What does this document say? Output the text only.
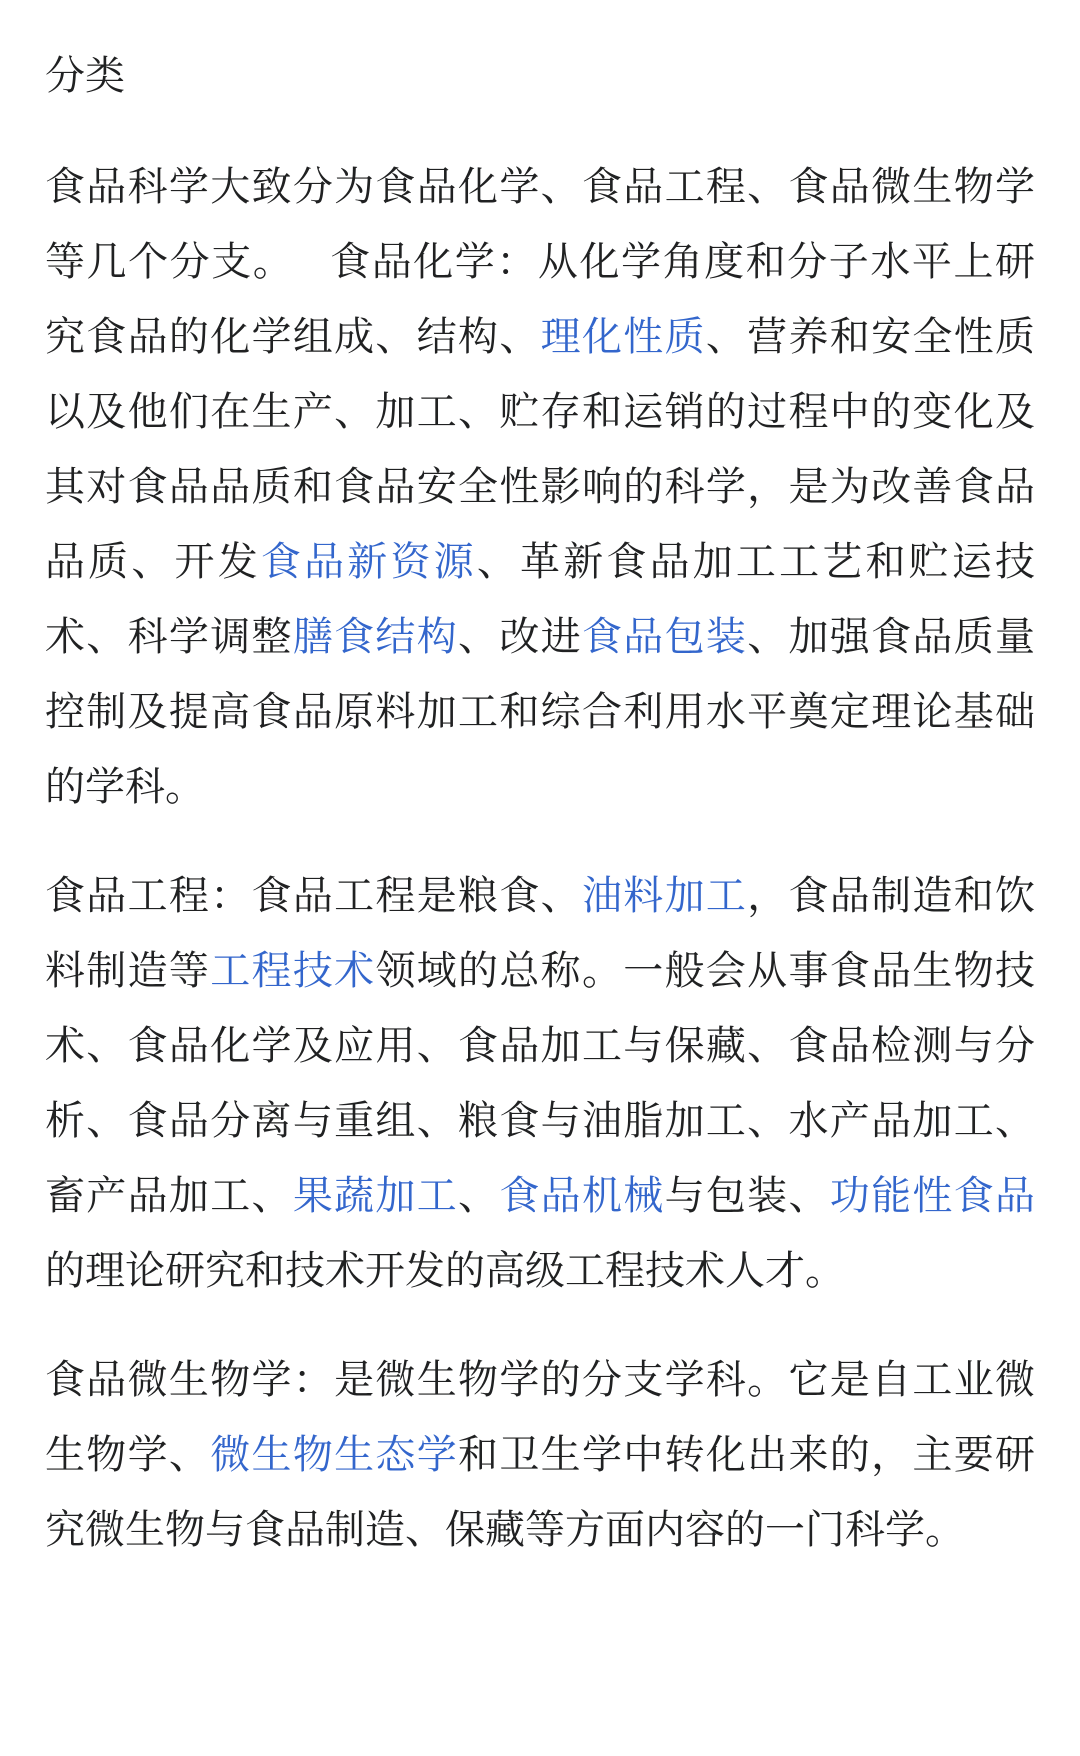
分类

食品科学大致分为食品化学、食品工程、食品微生物学等几个分支。　 食品化学：从化学角度和分子水平上研究食品的化学组成、结构、理化性质、营养和安全性质以及他们在生产、加工、贮存和运销的过程中的变化及其对食品品质和食品安全性影响的科学，是为改善食品品质、开发食品新资源、革新食品加工工艺和贮运技术、科学调整膳食结构、改进食品包装、加强食品质量控制及提高食品原料加工和综合利用水平奠定理论基础的学科。

食品工程：食品工程是粮食、油料加工，食品制造和饮料制造等工程技术领域的总称。一般会从事食品生物技术、食品化学及应用、食品加工与保藏、食品检测与分析、食品分离与重组、粮食与油脂加工、水产品加工、畜产品加工、果蔬加工、食品机械与包装、功能性食品的理论研究和技术开发的高级工程技术人才。

食品微生物学：是微生物学的分支学科。它是自工业微生物学、微生物生态学和卫生学中转化出来的，主要研究微生物与食品制造、保藏等方面内容的一门科学。
